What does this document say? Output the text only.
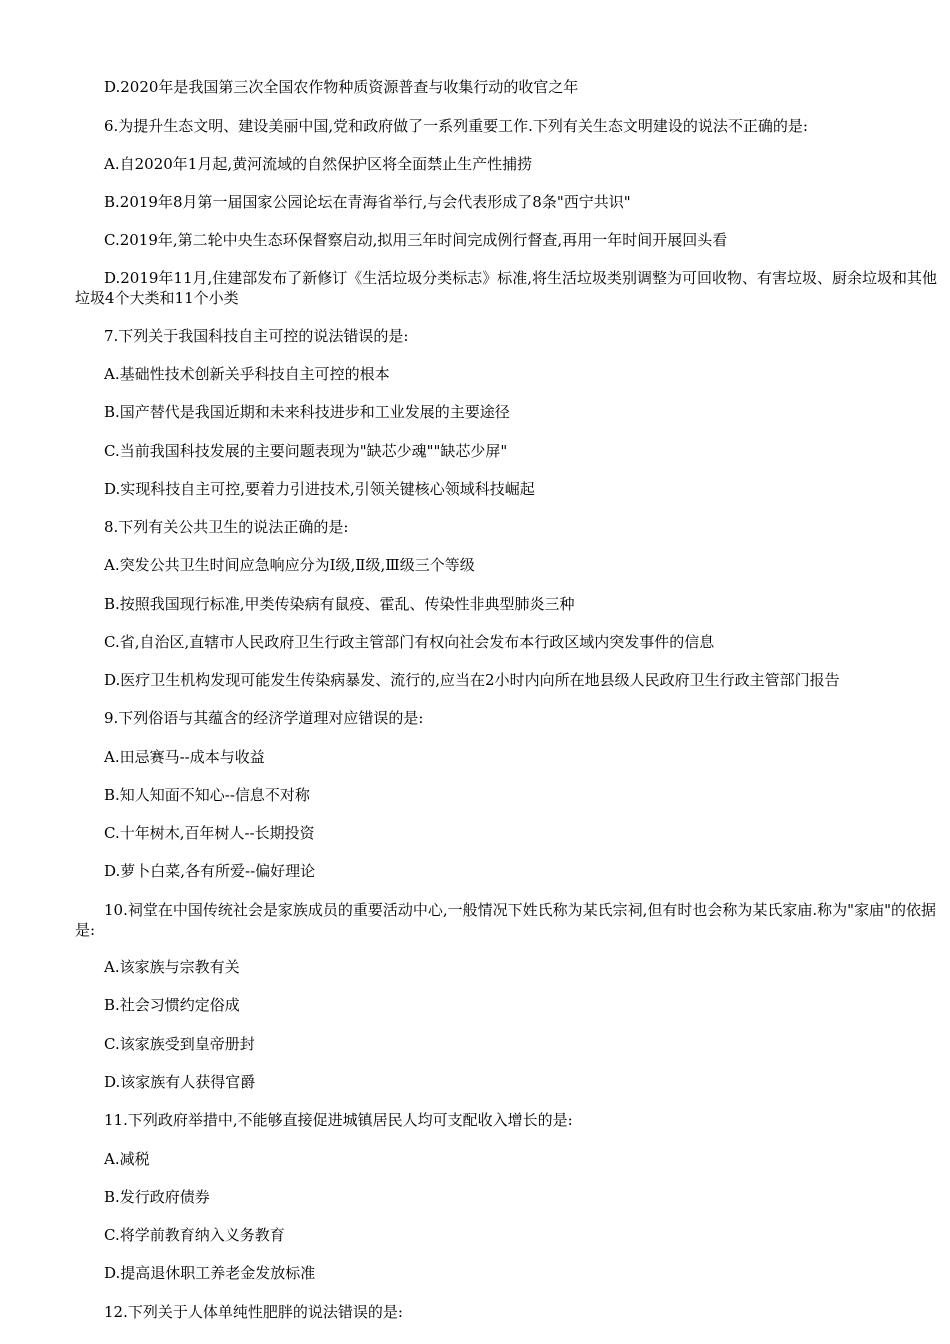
D.2020年是我国第三次全国农作物种质资源普查与收集行动的收官之年
6.为提升生态文明、建设美丽中国,党和政府做了一系列重要工作.下列有关生态文明建设的说法不正确的是:
A.自2020年1月起,黄河流域的自然保护区将全面禁止生产性捕捞
B.2019年8月第一届国家公园论坛在青海省举行,与会代表形成了8条"西宁共识"
C.2019年,第二轮中央生态环保督察启动,拟用三年时间完成例行督查,再用一年时间开展回头看
D.2019年11月,住建部发布了新修订《生活垃圾分类标志》标准,将生活垃圾类别调整为可回收物、有害垃圾、厨余垃圾和其他垃圾4个大类和11个小类
7.下列关于我国科技自主可控的说法错误的是:
A.基础性技术创新关乎科技自主可控的根本
B.国产替代是我国近期和未来科技进步和工业发展的主要途径
C.当前我国科技发展的主要问题表现为"缺芯少魂""缺芯少屏"
D.实现科技自主可控,要着力引进技术,引领关键核心领域科技崛起
8.下列有关公共卫生的说法正确的是:
A.突发公共卫生时间应急响应分为Ⅰ级,Ⅱ级,Ⅲ级三个等级
B.按照我国现行标准,甲类传染病有鼠疫、霍乱、传染性非典型肺炎三种
C.省,自治区,直辖市人民政府卫生行政主管部门有权向社会发布本行政区域内突发事件的信息
D.医疗卫生机构发现可能发生传染病暴发、流行的,应当在2小时内向所在地县级人民政府卫生行政主管部门报告
9.下列俗语与其蕴含的经济学道理对应错误的是:
A.田忌赛马--成本与收益
B.知人知面不知心--信息不对称
C.十年树木,百年树人--长期投资
D.萝卜白菜,各有所爱--偏好理论
10.祠堂在中国传统社会是家族成员的重要活动中心,一般情况下姓氏称为某氏宗祠,但有时也会称为某氏家庙.称为"家庙"的依据是:
A.该家族与宗教有关
B.社会习惯约定俗成
C.该家族受到皇帝册封
D.该家族有人获得官爵
11.下列政府举措中,不能够直接促进城镇居民人均可支配收入增长的是:
A.减税
B.发行政府债券
C.将学前教育纳入义务教育
D.提高退休职工养老金发放标准
12.下列关于人体单纯性肥胖的说法错误的是:
